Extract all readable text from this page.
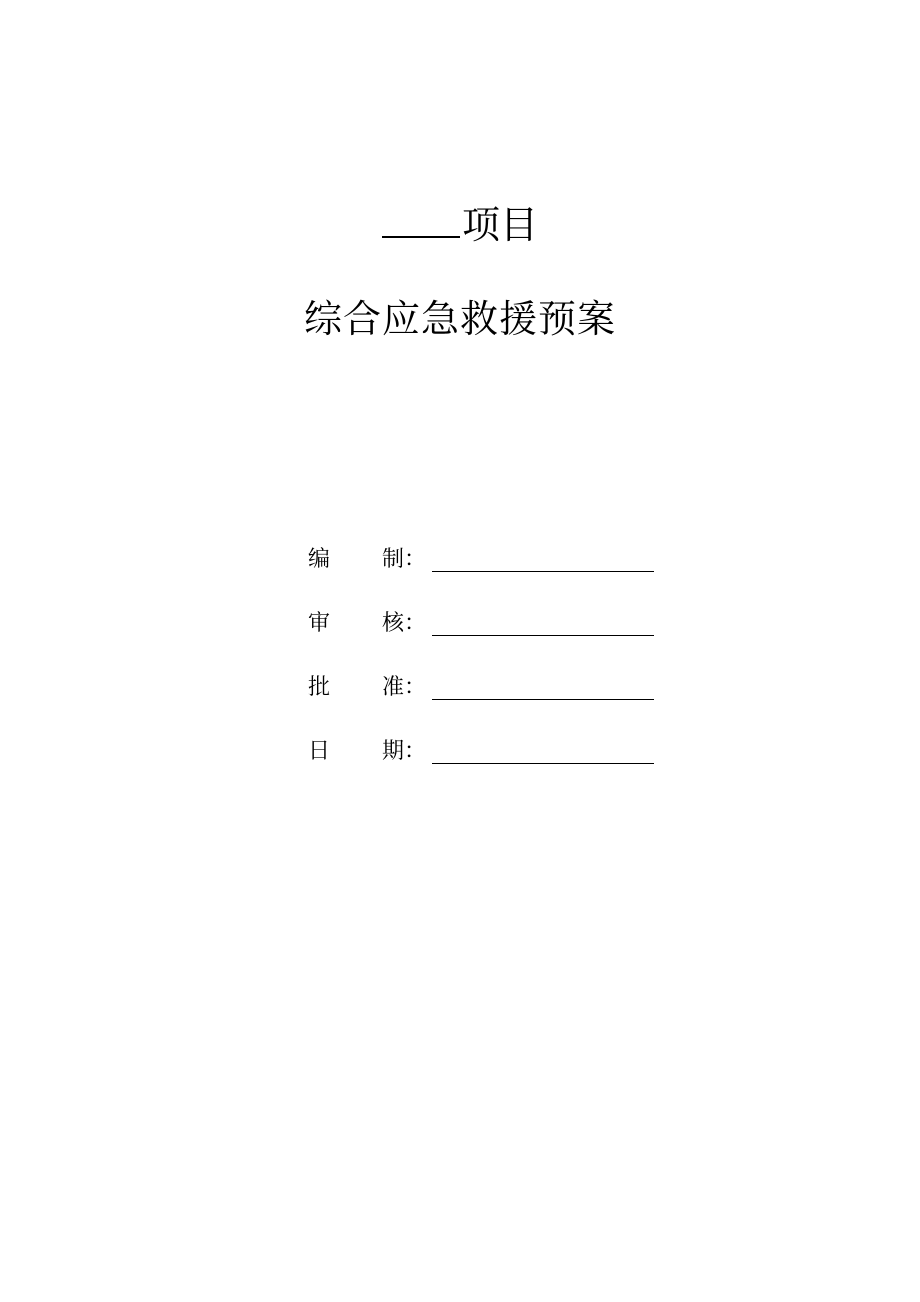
项目
综合应急救援预案
编 制：
审 核：
批 准：
日 期：
